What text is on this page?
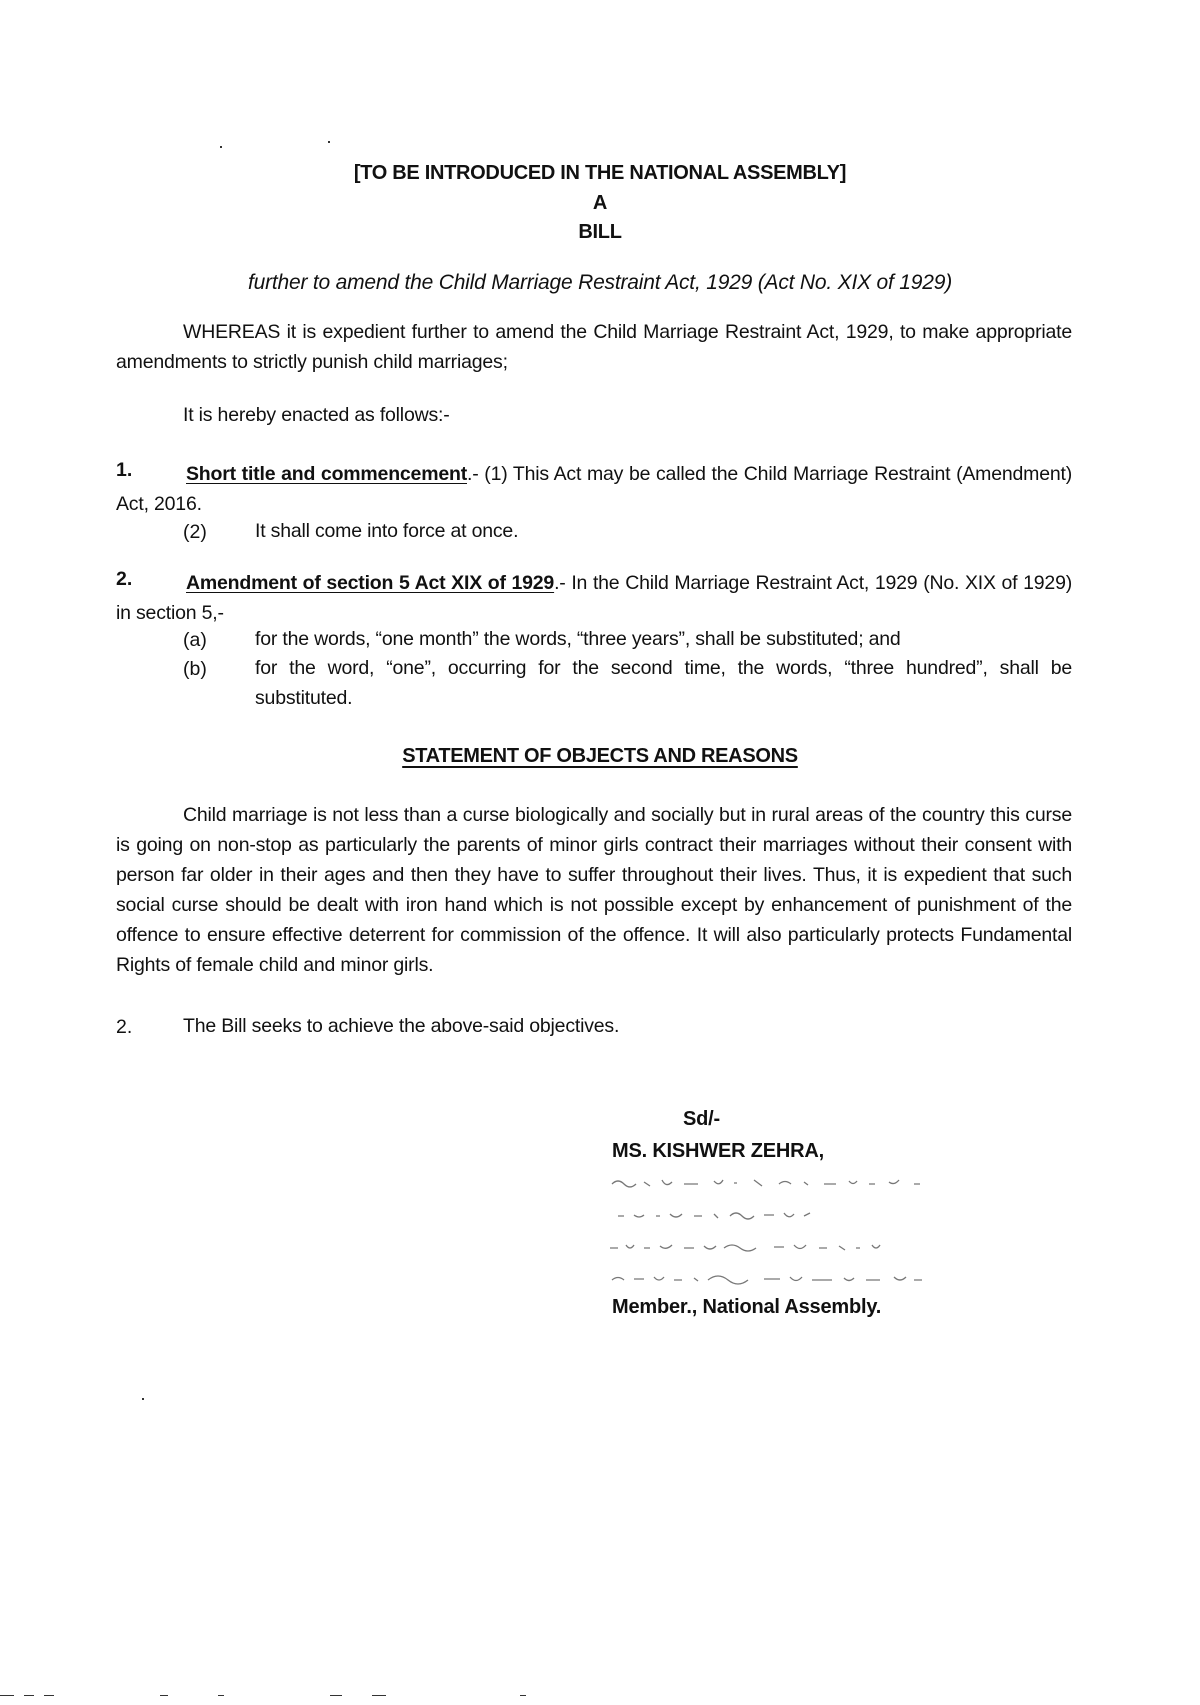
[TO BE INTRODUCED IN THE NATIONAL ASSEMBLY]
A
BILL
further to amend the Child Marriage Restraint Act, 1929 (Act No. XIX of 1929)
WHEREAS it is expedient further to amend the Child Marriage Restraint Act, 1929, to make appropriate amendments to strictly punish child marriages;
It is hereby enacted as follows:-
1.	Short title and commencement.- (1) This Act may be called the Child Marriage Restraint (Amendment) Act, 2016.
(2) It shall come into force at once.
2.	Amendment of section 5 Act XIX of 1929.- In the Child Marriage Restraint Act, 1929 (No. XIX of 1929) in section 5,-
(a) for the words, “one month” the words, “three years”, shall be substituted; and
(b) for the word, “one”, occurring for the second time, the words, “three hundred”, shall be substituted.
STATEMENT OF OBJECTS AND REASONS
Child marriage is not less than a curse biologically and socially but in rural areas of the country this curse is going on non-stop as particularly the parents of minor girls contract their marriages without their consent with person far older in their ages and then they have to suffer throughout their lives. Thus, it is expedient that such social curse should be dealt with iron hand which is not possible except by enhancement of punishment of the offence to ensure effective deterrent for commission of the offence. It will also particularly protects Fundamental Rights of female child and minor girls.
2.	The Bill seeks to achieve the above-said objectives.
Sd/-
MS. KISHWER ZEHRA,
Member., National Assembly.
